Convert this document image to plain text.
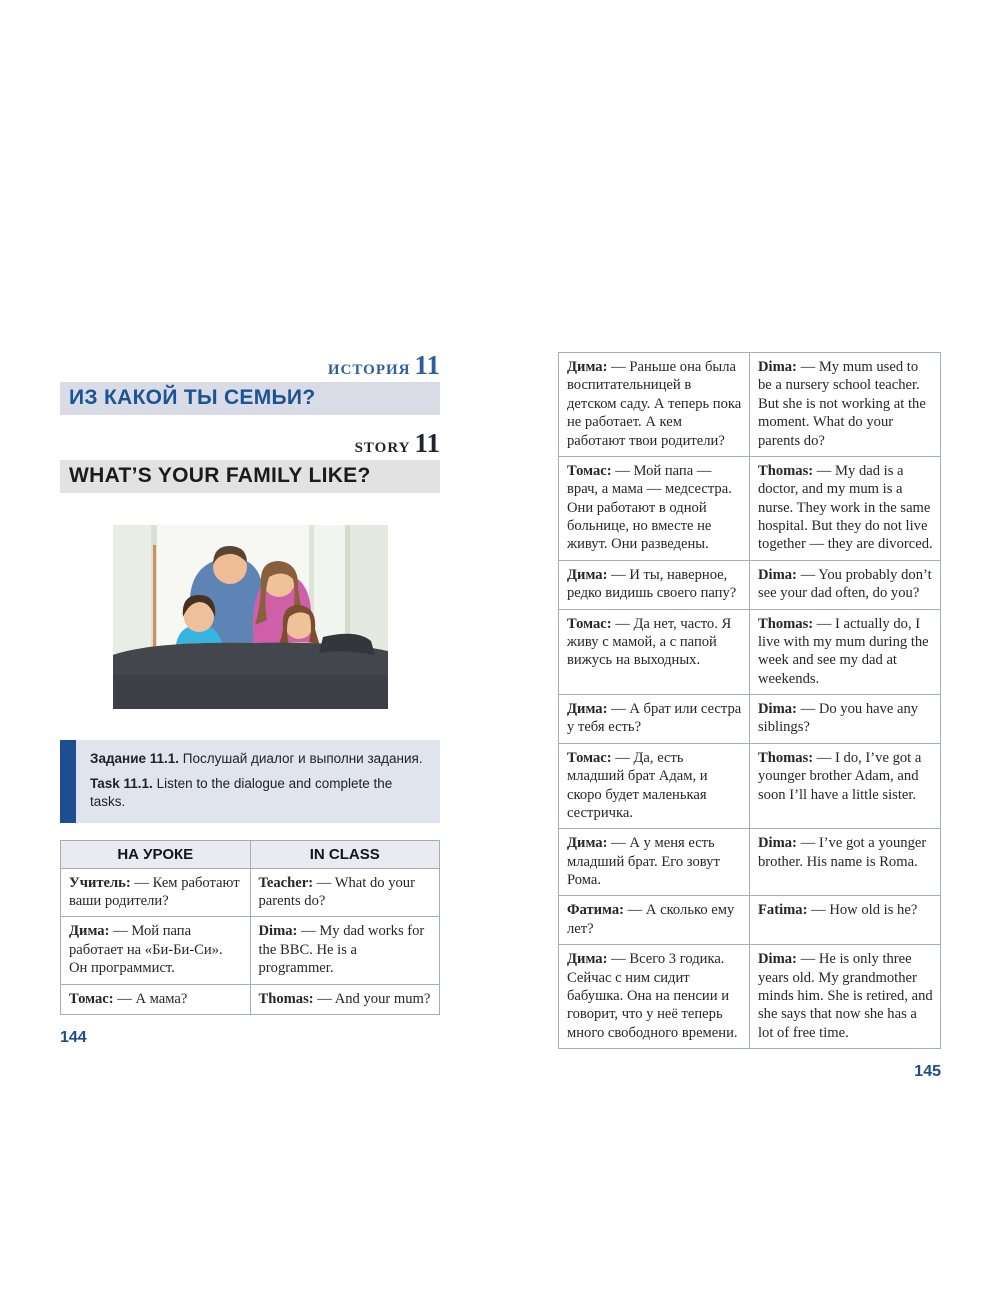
ИСТОРИЯ 11
ИЗ КАКОЙ ТЫ СЕМЬИ?
STORY 11
WHAT’S YOUR FAMILY LIKE?

Задание 11.1. Послушай диалог и выполни задания.

Task 11.1. Listen to the dialogue and complete the tasks.

НА УРОКЕ	IN CLASS
Учитель: — Кем работают ваши родители?	Teacher: — What do your parents do?
Дима: — Мой папа работает на «Би-Би-Си». Он программист.	Dima: — My dad works for the BBC. He is a programmer.
Томас: — А мама?	Thomas: — And your mum?
144
Дима: — Раньше она была воспитательницей в детском саду. А теперь пока не работает. А кем работают твои родители?	Dima: — My mum used to be a nursery school teacher. But she is not working at the moment. What do your parents do?
Томас: — Мой папа — врач, а мама — медсестра. Они работают в одной больнице, но вместе не живут. Они разведены.	Thomas: — My dad is a doctor, and my mum is a nurse. They work in the same hospital. But they do not live together — they are divorced.
Дима: — И ты, наверное, редко видишь своего папу?	Dima: — You probably don’t see your dad often, do you?
Томас: — Да нет, часто. Я живу с мамой, а с папой вижусь на выходных.	Thomas: — I actually do, I live with my mum during the week and see my dad at weekends.
Дима: — А брат или сестра у тебя есть?	Dima: — Do you have any siblings?
Томас: — Да, есть младший брат Адам, и скоро будет маленькая сестричка.	Thomas: — I do, I’ve got a younger brother Adam, and soon I’ll have a little sister.
Дима: — А у меня есть младший брат. Его зовут Рома.	Dima: — I’ve got a younger brother. His name is Roma.
Фатима: — А сколько ему лет?	Fatima: — How old is he?
Дима: — Всего 3 годика. Сейчас с ним сидит бабушка. Она на пенсии и говорит, что у неё теперь много свободного времени.	Dima: — He is only three years old. My grandmother minds him. She is retired, and she says that now she has a lot of free time.
145
